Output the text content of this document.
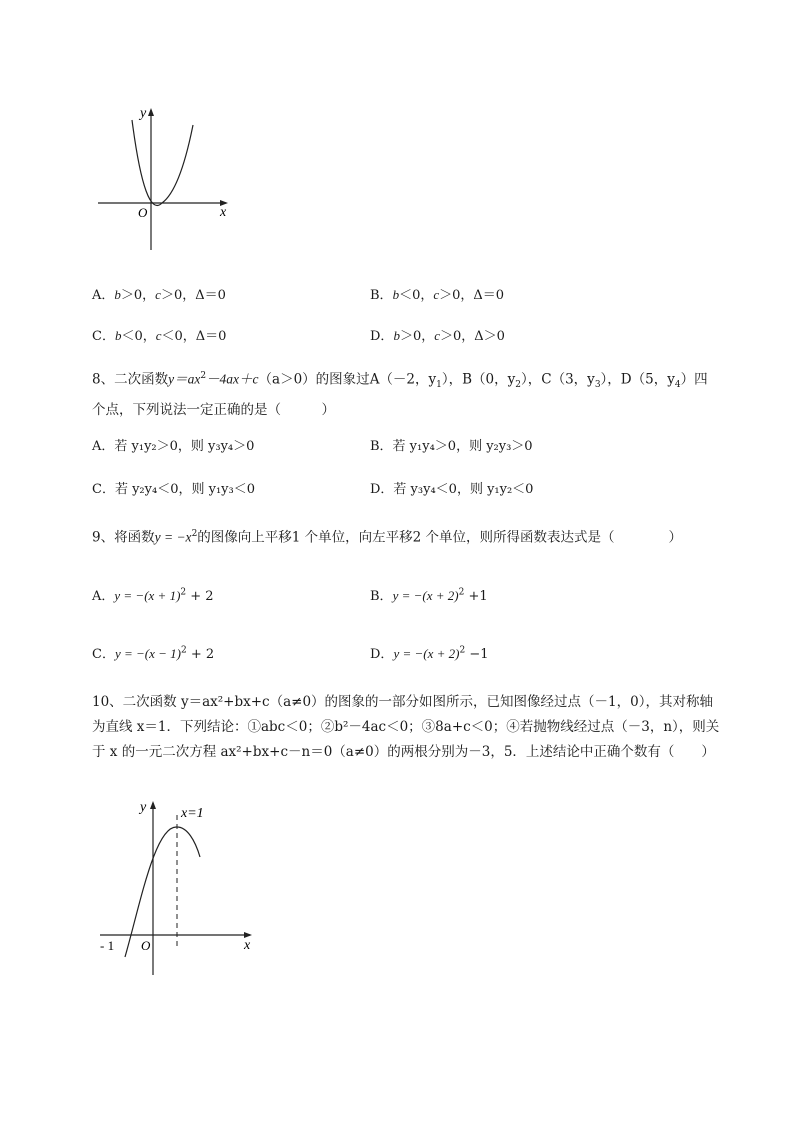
y
x
O
A．b＞0，c＞0，Δ＝0	B．b＜0，c＞0，Δ＝0
C．b＜0，c＜0，Δ＝0	D．b＞0，c＞0，Δ＞0
8、二次函数$y=ax^2-4ax+c(a>0)$的图象过A（－2，$y_1$），B（0，$y_2$），C（3，$y_3$），D（5，$y_4$）四
个点，下列说法一定正确的是（　　　）
A．若 y₁y₂＞0，则 y₃y₄＞0	B．若 y₁y₄＞0，则 y₂y₃＞0
C．若 y₂y₄＜0，则 y₁y₃＜0	D．若 y₃y₄＜0，则 y₁y₂＜0
9、将函数$y = -x^2$的图像向上平移1 个单位，向左平移2 个单位，则所得函数表达式是（　　　　）
A．$y = -(x + 1)^2 + 2$	B．$y = -(x + 2)^2 +1$
C．$y = -(x - 1)^2 + 2$	D．$y = -(x + 2)^2 -1$
10、二次函数 y＝ax²+bx+c（a≠0）的图象的一部分如图所示，已知图像经过点（－1，0），其对称轴
为直线 x＝1．下列结论：①abc＜0；②b²－4ac＜0；③8a+c＜0；④若抛物线经过点（－3，n），则关
于 x 的一元二次方程 ax²+bx+c－n＝0（a≠0）的两根分别为－3，5．上述结论中正确个数有（　　）
y
x
O
- 1
x=1
